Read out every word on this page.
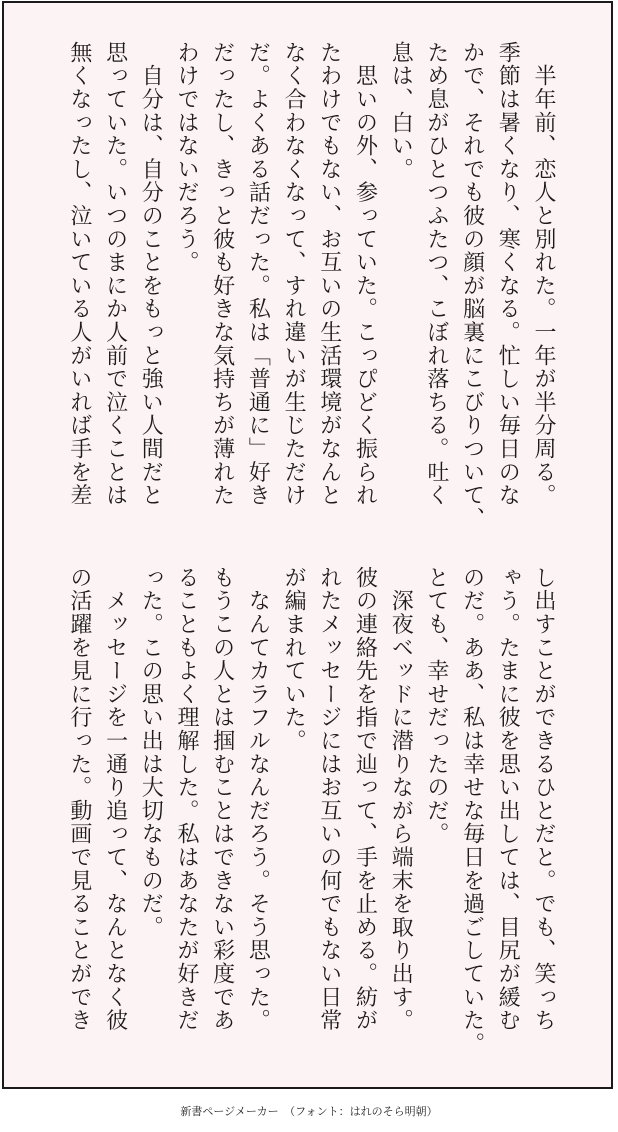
　半年前、恋人と別れた。一年が半分周る。
季節は暑くなり、寒くなる。忙しい毎日のな
かで、それでも彼の顔が脳裏にこびりついて、
ため息がひとつふたつ、こぼれ落ちる。吐く
息は、白い。
　思いの外、参っていた。こっぴどく振られ
たわけでもない、お互いの生活環境がなんと
なく合わなくなって、すれ違いが生じただけ
だ。よくある話だった。私は「普通に」好き
だったし、きっと彼も好きな気持ちが薄れた
わけではないだろう。
　自分は、自分のことをもっと強い人間だと
思っていた。いつのまにか人前で泣くことは
無くなったし、泣いている人がいれば手を差
し出すことができるひとだと。でも、笑っち
ゃう。たまに彼を思い出しては、目尻が緩む
のだ。ああ、私は幸せな毎日を過ごしていた。
とても、幸せだったのだ。
　深夜ベッドに潜りながら端末を取り出す。
彼の連絡先を指で辿って、手を止める。紡が
れたメッセージにはお互いの何でもない日常
が編まれていた。
　なんてカラフルなんだろう。そう思った。
もうこの人とは掴むことはできない彩度であ
ることもよく理解した。私はあなたが好きだ
った。この思い出は大切なものだ。
　メッセージを一通り追って、なんとなく彼
の活躍を見に行った。動画で見ることができ
新書ページメーカー　（フォント：はれのそら明朝）
